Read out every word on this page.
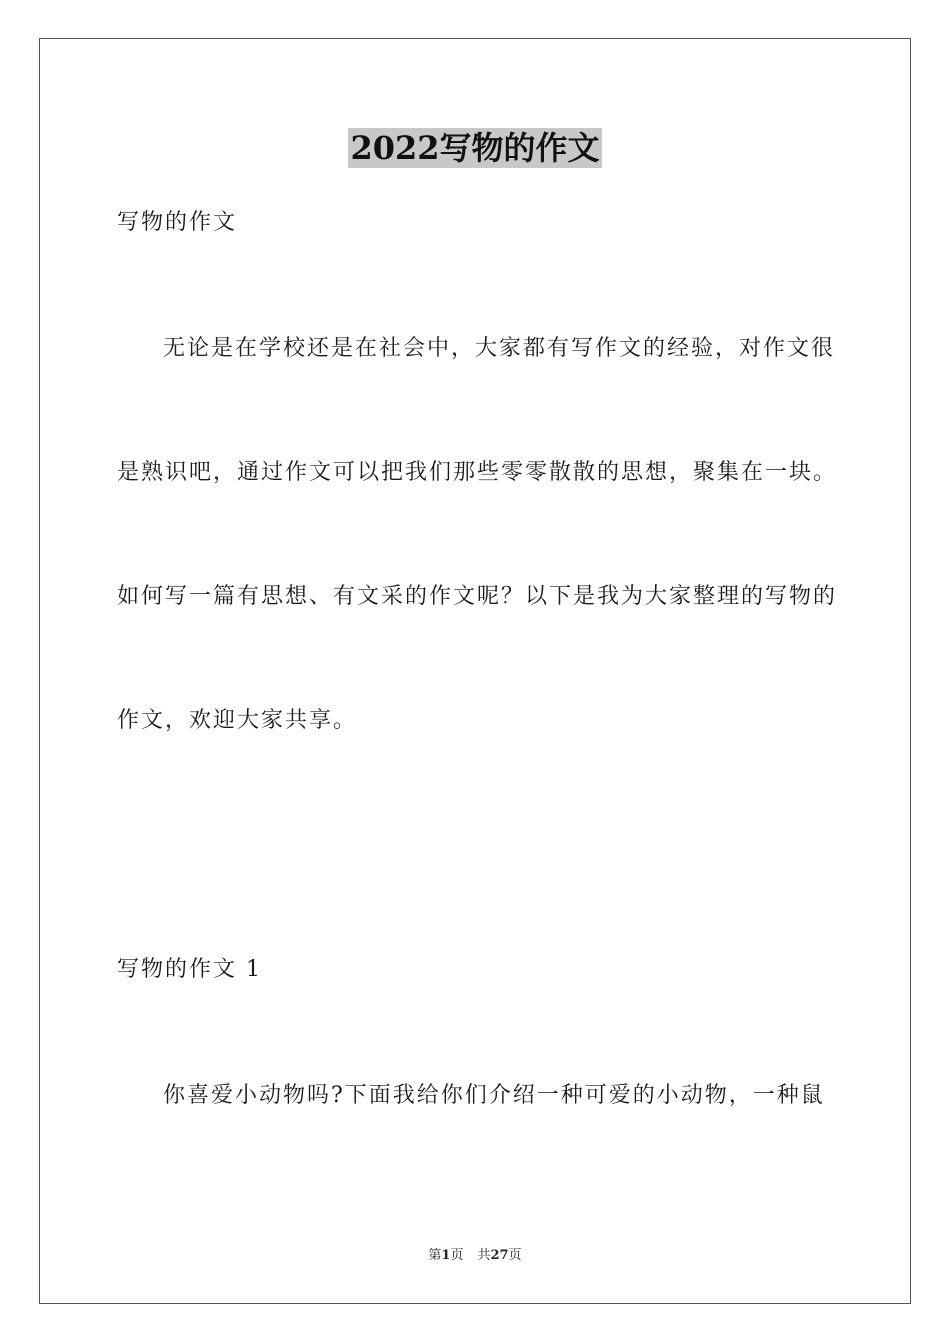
2022写物的作文
写物的作文
无论是在学校还是在社会中，大家都有写作文的经验，对作文很
是熟识吧，通过作文可以把我们那些零零散散的思想，聚集在一块。
如何写一篇有思想、有文采的作文呢？以下是我为大家整理的写物的
作文，欢迎大家共享。
写物的作文 1
你喜爱小动物吗?下面我给你们介绍一种可爱的小动物，一种鼠
第1页 共27页
